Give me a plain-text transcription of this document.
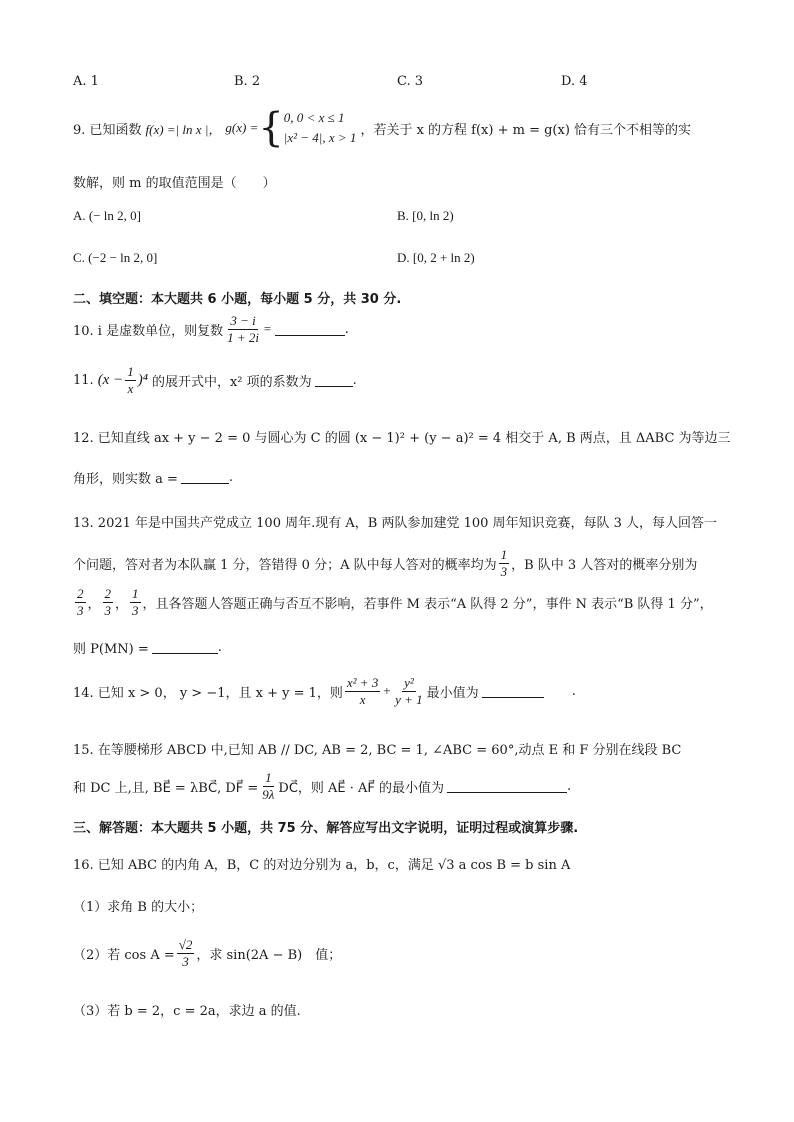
A. 1	B. 2	C. 3	D. 4
9. 已知函数 f(x) =| ln x |， g(x) = { 0, 0 < x ≤ 1
|x² − 4|, x > 1 ，若关于 x 的方程 f(x) + m = g(x) 恰有三个不相等的实
数解，则 m 的取值范围是（　　）
A. (− ln 2, 0]	B. [0, ln 2)
C. (−2 − ln 2, 0]	D. [0, 2 + ln 2)
二、填空题：本大题共 6 小题，每小题 5 分，共 30 分.
10. i 是虚数单位，则复数 $\frac{3 - i}{1 + 2i}$ =	.
11. $(x - \frac{1}{x} )^4$ 的展开式中，x² 项的系数为	.
12. 已知直线 ax + y − 2 = 0 与圆心为 C 的圆 (x − 1)² + (y − a)² = 4 相交于 A, B 两点，且 ΔABC 为等边三
角形，则实数 a =	.
13. 2021 年是中国共产党成立 100 周年.现有 A，B 两队参加建党 100 周年知识竞赛，每队 3 人，每人回答一
个问题，答对者为本队赢 1 分，答错得 0 分；A 队中每人答对的概率均为 $\frac{1}{3}$ ，B 队中 3 人答对的概率分别为
$\frac{2}{3}$ ， $\frac{2}{3}$ ， $\frac{1}{3}$ ，且各答题人答题正确与否互不影响，若事件 M 表示“A 队得 2 分”，事件 N 表示“B 队得 1 分”，
则 P(MN) =	.
14. 已知 x > 0， y > −1，且 x + y = 1，则 $\frac{\text{x² + 3}}{x} + \frac{\text{y²}}{y + 1}$ 最小值为	.
15. 在等腰梯形 ABCD 中,已知 AB // DC, AB = 2, BC = 1, ∠ABC = 60°,动点 E 和 F 分别在线段 BC
和 DC 上,且, BE⃗ = λBC⃗, DF⃗ = $\frac{1}{9\lambda}$ DC⃗，则 AE⃗ · AF⃗ 的最小值为	.
三、解答题：本大题共 5 小题，共 75 分、解答应写出文字说明，证明过程或演算步骤.
16. 已知 ABC 的内角 A，B，C 的对边分别为 a，b，c，满足 √3 a cos B = b sin A
（1）求角 B 的大小；
（2）若 $\cos A = \frac{√2}{3}$ ，求 sin(2A − B)　值；
（3）若 b = 2，c = 2a，求边 a 的值.
